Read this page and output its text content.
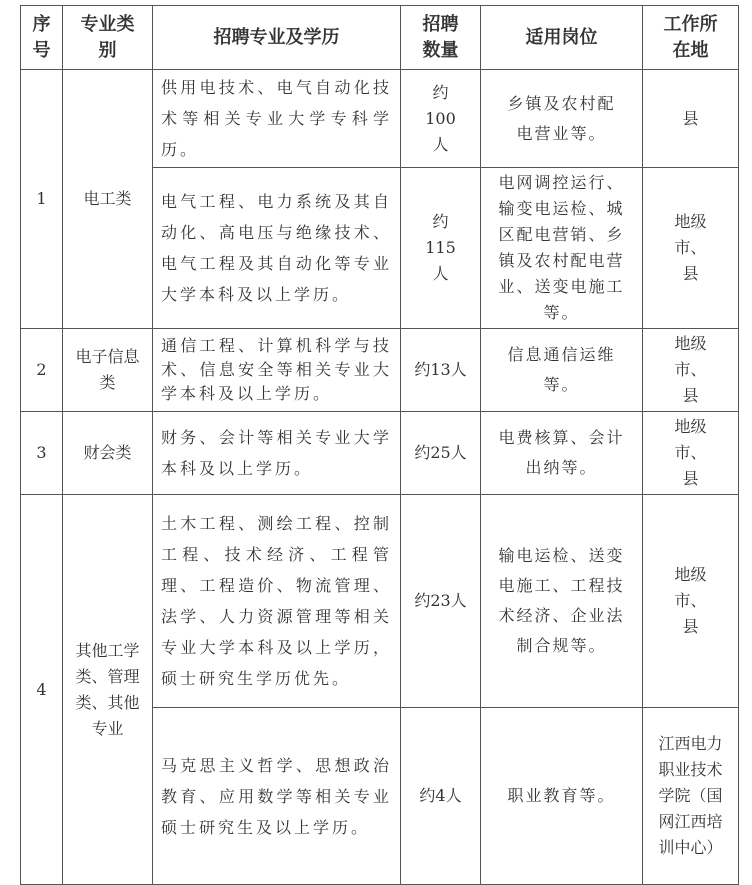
序号	专业类别	招聘专业及学历	招聘数量	适用岗位	工作所在地
1	电工类	供用电技术、电气自动化技术等相关专业大学专科学历。	约100人	乡镇及农村配电营业等。	县
		电气工程、电力系统及其自动化、高电压与绝缘技术、电气工程及其自动化等专业大学本科及以上学历。	约115人	电网调控运行、输变电运检、城区配电营销、乡镇及农村配电营业、送变电施工等。	地级市、县
2	电子信息类	通信工程、计算机科学与技术、信息安全等相关专业大学本科及以上学历。	约13人	信息通信运维等。	地级市、县
3	财会类	财务、会计等相关专业大学本科及以上学历。	约25人	电费核算、会计出纳等。	地级市、县
4	其他工学类、管理类、其他专业	土木工程、测绘工程、控制工程、技术经济、工程管理、工程造价、物流管理、法学、人力资源管理等相关专业大学本科及以上学历，硕士研究生学历优先。	约23人	输电运检、送变电施工、工程技术经济、企业法制合规等。	地级市、县
		马克思主义哲学、思想政治教育、应用数学等相关专业硕士研究生及以上学历。	约4人	职业教育等。	江西电力职业技术学院（国网江西培训中心）
